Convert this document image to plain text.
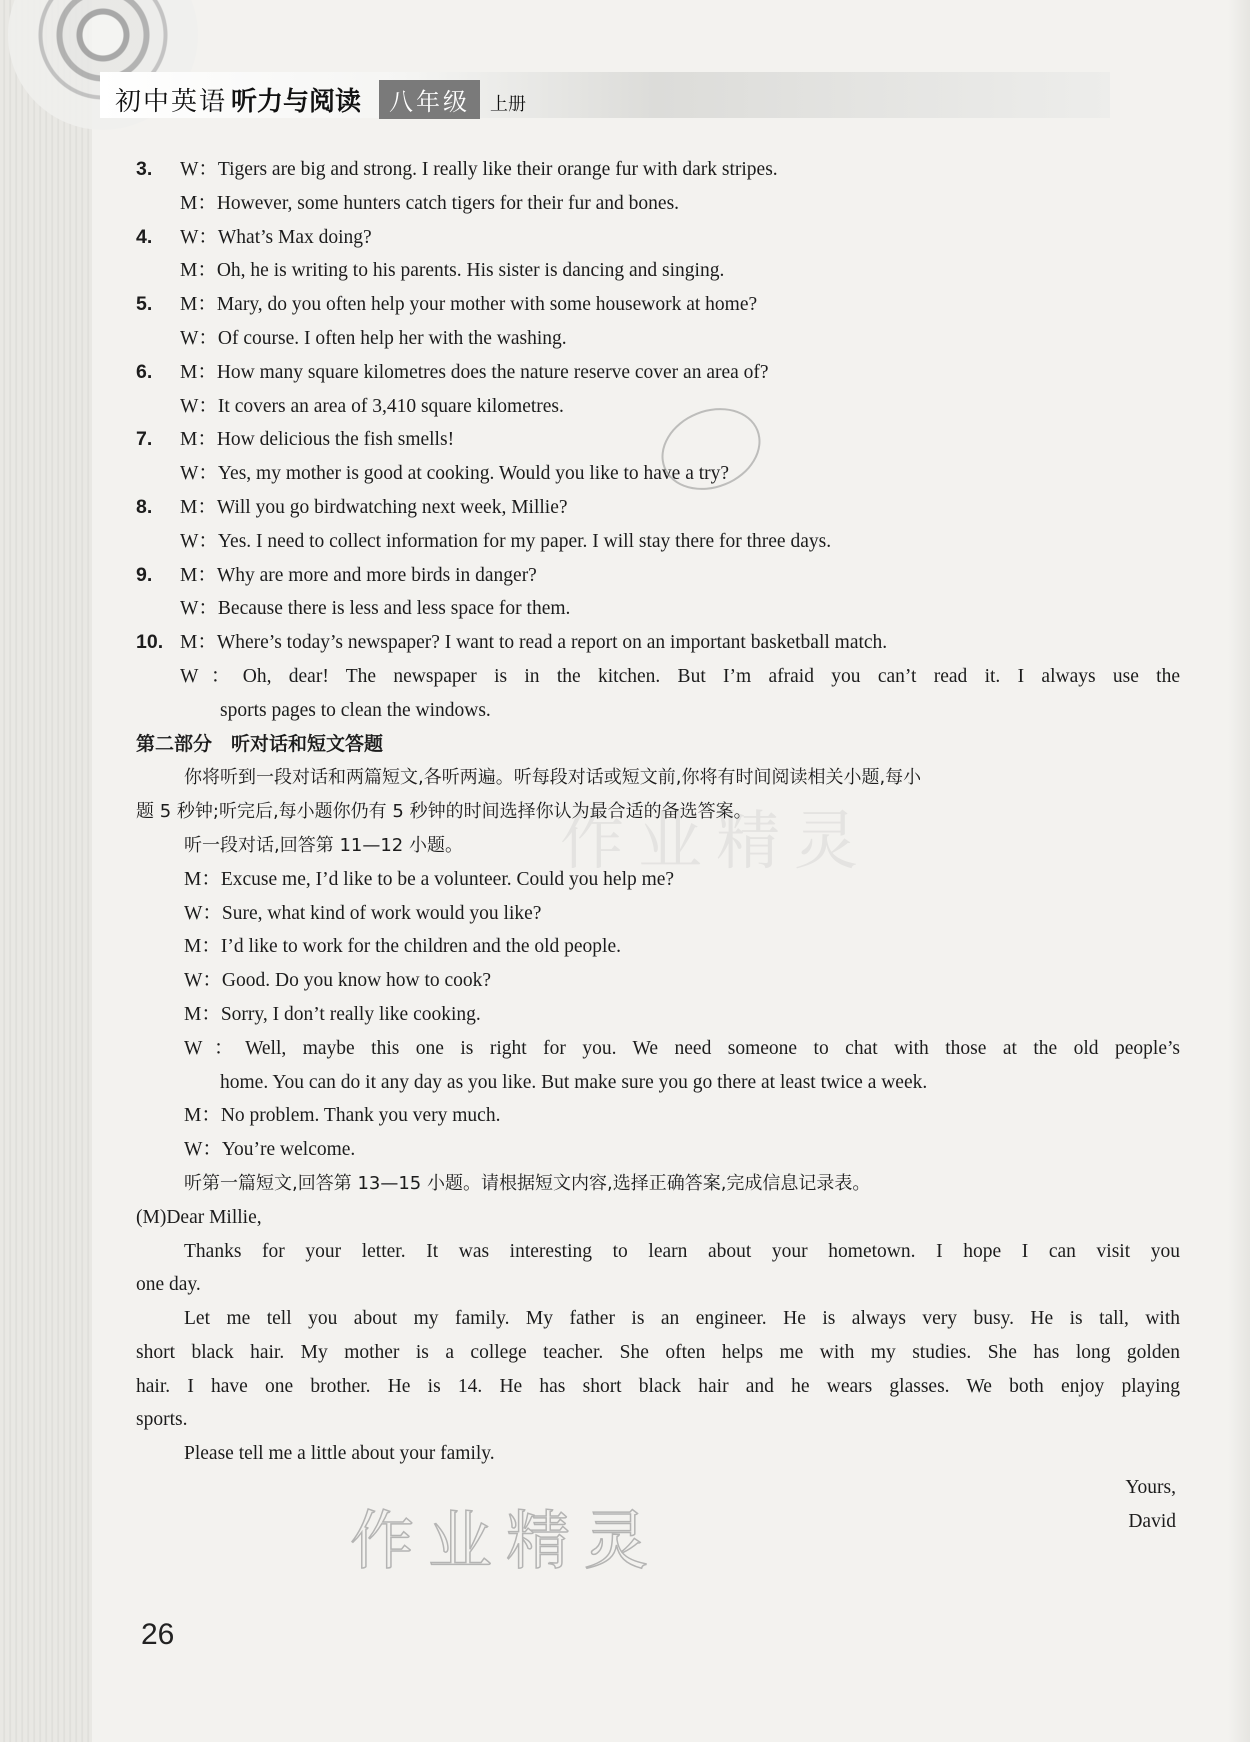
初中英语 听力与阅读	八年级	上册
3.	W：Tigers are big and strong. I really like their orange fur with dark stripes.
M：However, some hunters catch tigers for their fur and bones.
4.	W：What’s Max doing?
M：Oh, he is writing to his parents. His sister is dancing and singing.
5.	M：Mary, do you often help your mother with some housework at home?
W：Of course. I often help her with the washing.
6.	M：How many square kilometres does the nature reserve cover an area of?
W：It covers an area of 3,410 square kilometres.
7.	M：How delicious the fish smells!
W：Yes, my mother is good at cooking. Would you like to have a try?
8.	M：Will you go birdwatching next week, Millie?
W：Yes. I need to collect information for my paper. I will stay there for three days.
9.	M：Why are more and more birds in danger?
W：Because there is less and less space for them.
10. M：Where’s today’s newspaper? I want to read a report on an important basketball match.
W：Oh, dear! The newspaper is in the kitchen. But I’m afraid you can’t read it. I always use the
sports pages to clean the windows.
第二部分　听对话和短文答题
你将听到一段对话和两篇短文,各听两遍。听每段对话或短文前,你将有时间阅读相关小题,每小
题 5 秒钟;听完后,每小题你仍有 5 秒钟的时间选择你认为最合适的备选答案。
听一段对话,回答第 11—12 小题。
M：Excuse me, I’d like to be a volunteer. Could you help me?
W：Sure, what kind of work would you like?
M：I’d like to work for the children and the old people.
W：Good. Do you know how to cook?
M：Sorry, I don’t really like cooking.
W：Well, maybe this one is right for you. We need someone to chat with those at the old people’s
home. You can do it any day as you like. But make sure you go there at least twice a week.
M：No problem. Thank you very much.
W：You’re welcome.
听第一篇短文,回答第 13—15 小题。请根据短文内容,选择正确答案,完成信息记录表。
(M)Dear Millie,
Thanks for your letter. It was interesting to learn about your hometown. I hope I can visit you
one day.
Let me tell you about my family. My father is an engineer. He is always very busy. He is tall, with
short black hair. My mother is a college teacher. She often helps me with my studies. She has long golden
hair. I have one brother. He is 14. He has short black hair and he wears glasses. We both enjoy playing
sports.
Please tell me a little about your family.
Yours,
David
作业精灵
作业精灵
26
